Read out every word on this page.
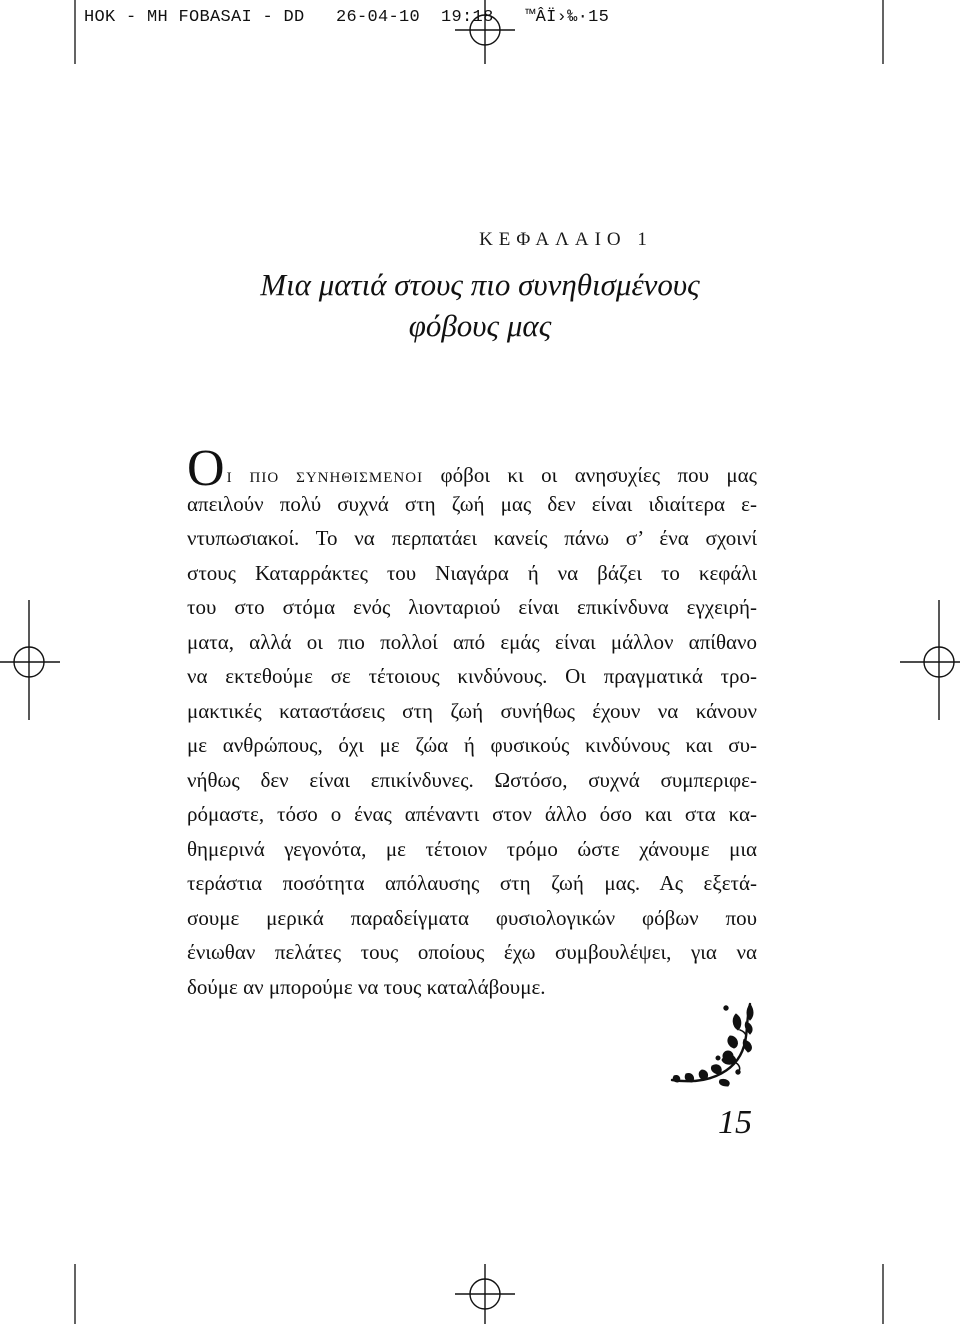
HOK - MH FOBASAI - DD   26-04-10  19:18   ™ÂÏ›‰·15
ΚΕΦΑΛΑΙΟ 1
Μια ματιά στους πιο συνηθισμένους
φόβους μας
Ο Ι ΠΙΟ ΣΥΝΗΘΙΣΜΕΝΟΙ φόβοι κι οι ανησυχίες που μας
απειλούν πολύ συχνά στη ζωή μας δεν είναι ιδιαίτερα ε-
ντυπωσιακοί. Το να περπατάει κανείς πάνω σ’ ένα σχοινί
στους Καταρράκτες του Νιαγάρα ή να βάζει το κεφάλι
του στο στόμα ενός λιονταριού είναι επικίνδυνα εγχειρή-
ματα, αλλά οι πιο πολλοί από εμάς είναι μάλλον απίθανο
να εκτεθούμε σε τέτοιους κινδύνους. Οι πραγματικά τρο-
μακτικές καταστάσεις στη ζωή συνήθως έχουν να κάνουν
με ανθρώπους, όχι με ζώα ή φυσικούς κινδύνους και συ-
νήθως δεν είναι επικίνδυνες. Ωστόσο, συχνά συμπεριφε-
ρόμαστε, τόσο ο ένας απέναντι στον άλλο όσο και στα κα-
θημερινά γεγονότα, με τέτοιον τρόμο ώστε χάνουμε μια
τεράστια ποσότητα απόλαυσης στη ζωή μας. Ας εξετά-
σουμε μερικά παραδείγματα φυσιολογικών φόβων που
ένιωθαν πελάτες τους οποίους έχω συμβουλέψει, για να
δούμε αν μπορούμε να τους καταλάβουμε.
15
